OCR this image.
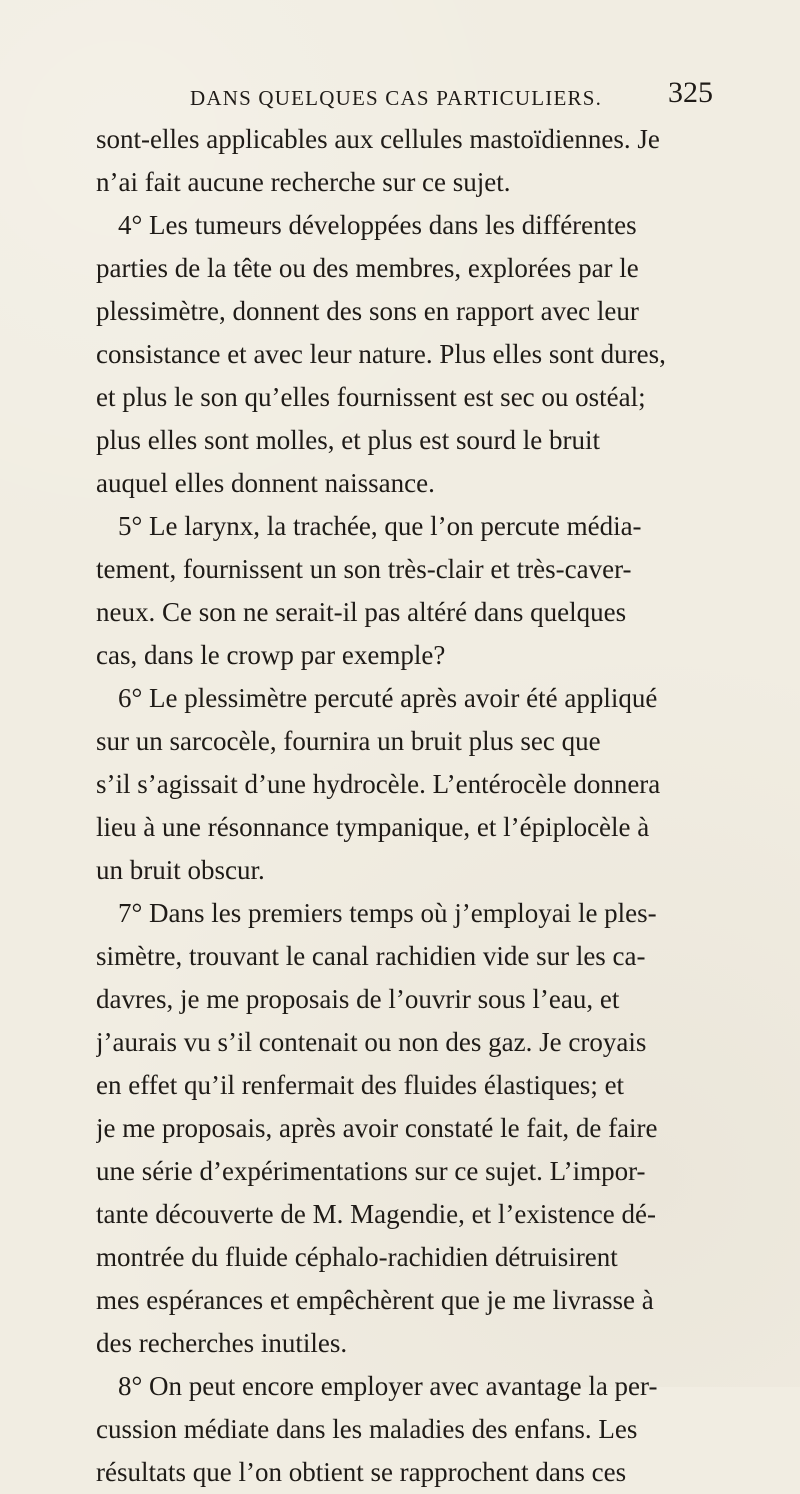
DANS QUELQUES CAS PARTICULIERS.	325
sont-elles applicables aux cellules mastoïdiennes. Je
n’ai fait aucune recherche sur ce sujet.
4° Les tumeurs développées dans les différentes
parties de la tête ou des membres, explorées par le
plessimètre, donnent des sons en rapport avec leur
consistance et avec leur nature. Plus elles sont dures,
et plus le son qu’elles fournissent est sec ou ostéal;
plus elles sont molles, et plus est sourd le bruit
auquel elles donnent naissance.
5° Le larynx, la trachée, que l’on percute média-
tement, fournissent un son très-clair et très-caver-
neux. Ce son ne serait-il pas altéré dans quelques
cas, dans le crowp par exemple?
6° Le plessimètre percuté après avoir été appliqué
sur un sarcocèle, fournira un bruit plus sec que
s’il s’agissait d’une hydrocèle. L’entérocèle donnera
lieu à une résonnance tympanique, et l’épiplocèle à
un bruit obscur.
7° Dans les premiers temps où j’employai le ples-
simètre, trouvant le canal rachidien vide sur les ca-
davres, je me proposais de l’ouvrir sous l’eau, et
j’aurais vu s’il contenait ou non des gaz. Je croyais
en effet qu’il renfermait des fluides élastiques; et
je me proposais, après avoir constaté le fait, de faire
une série d’expérimentations sur ce sujet. L’impor-
tante découverte de M. Magendie, et l’existence dé-
montrée du fluide céphalo-rachidien détruisirent
mes espérances et empêchèrent que je me livrasse à
des recherches inutiles.
8° On peut encore employer avec avantage la per-
cussion médiate dans les maladies des enfans. Les
résultats que l’on obtient se rapprochent dans ces
